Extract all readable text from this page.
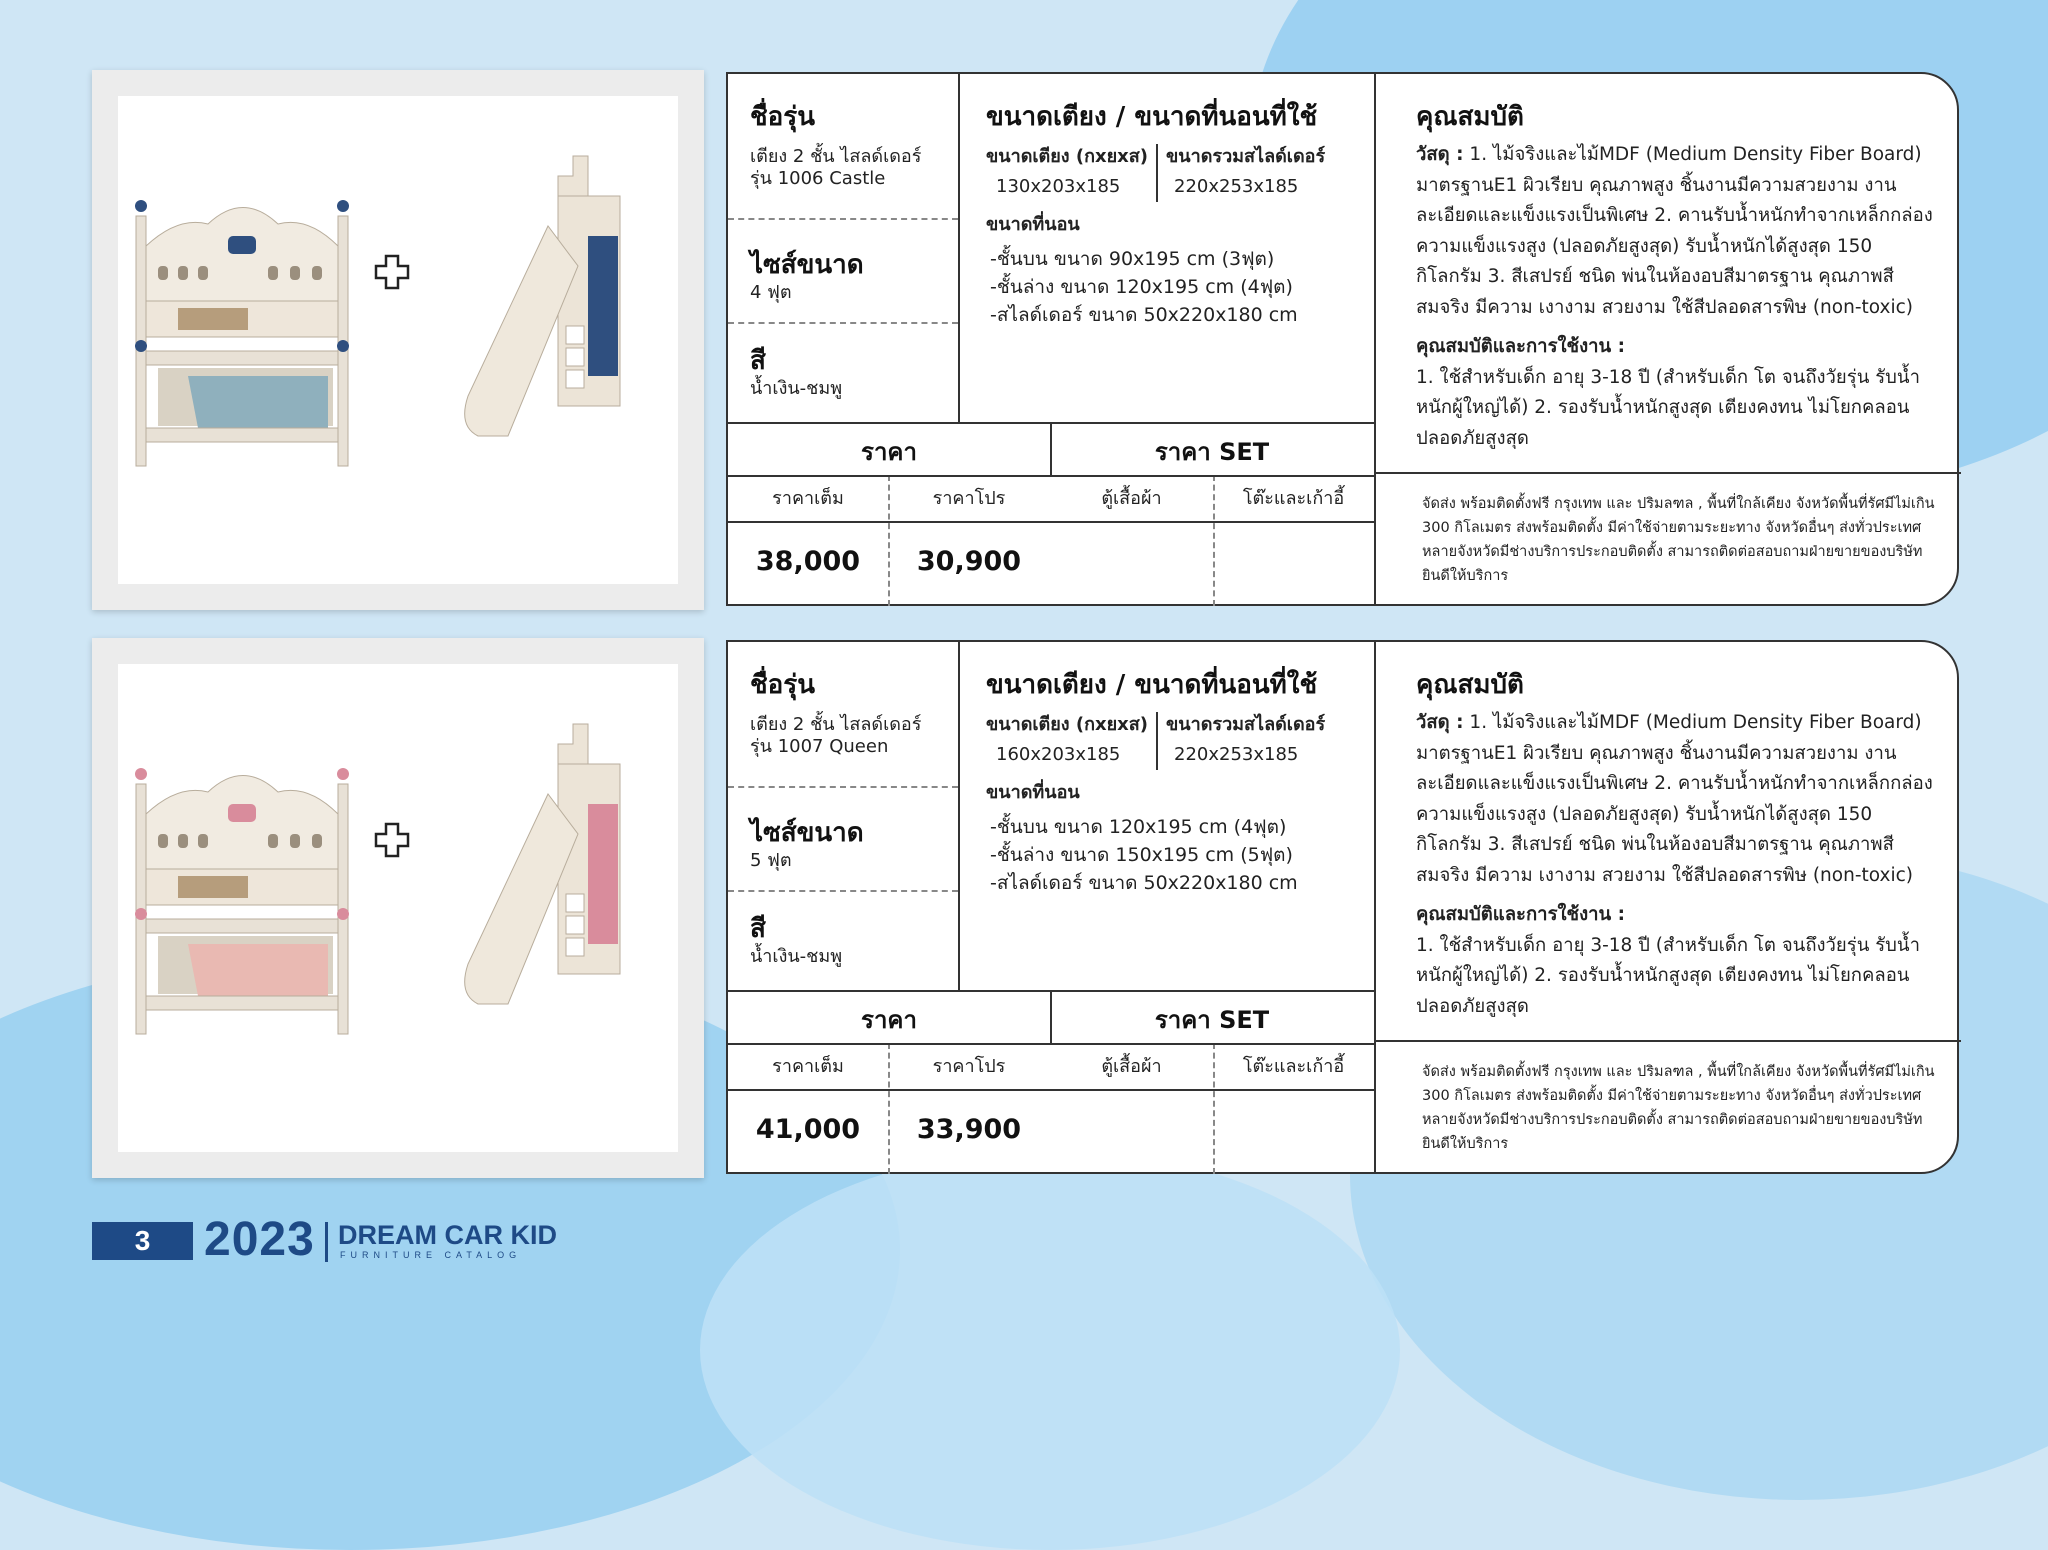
ชื่อรุ่น
เตียง 2 ชั้น ไสลด์เดอร์
รุ่น 1006 Castle
ไซส์ขนาด
4 ฟุต
สี
น้ำเงิน-ชมพู
ขนาดเตียง / ขนาดที่นอนที่ใช้
ขนาดเตียง (กxยxส)
130x203x185
ขนาดรวมสไลด์เดอร์
220x253x185
ขนาดที่นอน
-ชั้นบน ขนาด 90x195 cm (3ฟุต)
-ชั้นล่าง ขนาด 120x195 cm (4ฟุต)
-สไลด์เดอร์ ขนาด 50x220x180 cm
ราคา	ราคา SET
ราคาเต็ม	ราคาโปร	ตู้เสื้อผ้า	โต๊ะและเก้าอี้
38,000	30,900
คุณสมบัติ
วัสดุ : 1. ไม้จริงและไม้MDF (Medium Density Fiber Board) มาตรฐานE1 ผิวเรียบ คุณภาพสูง ชิ้นงานมีความสวยงาม งานละเอียดและแข็งแรงเป็นพิเศษ 2. คานรับน้ำหนักทำจากเหล็กกล่อง ความแข็งแรงสูง (ปลอดภัยสูงสุด) รับน้ำหนักได้สูงสุด 150 กิโลกรัม 3. สีเสปรย์ ชนิด พ่นในห้องอบสีมาตรฐาน คุณภาพสีสมจริง มีความ เงางาม สวยงาม ใช้สีปลอดสารพิษ (non-toxic)
คุณสมบัติและการใช้งาน :
1. ใช้สำหรับเด็ก อายุ 3-18 ปี (สำหรับเด็ก โต จนถึงวัยรุ่น รับน้ำหนักผู้ใหญ่ได้) 2. รองรับน้ำหนักสูงสุด เตียงคงทน ไม่โยกคลอน ปลอดภัยสูงสุด
จัดส่ง พร้อมติดตั้งฟรี กรุงเทพ และ ปริมลฑล , พื้นที่ใกล้เคียง จังหวัดพื้นที่รัศมีไม่เกิน 300 กิโลเมตร ส่งพร้อมติดตั้ง มีค่าใช้จ่ายตามระยะทาง จังหวัดอื่นๆ ส่งทั่วประเทศ หลายจังหวัดมีช่างบริการประกอบติดตั้ง สามารถติดต่อสอบถามฝ่ายขายของบริษัทยินดีให้บริการ
ชื่อรุ่น
เตียง 2 ชั้น ไสลด์เดอร์
รุ่น 1007 Queen
ไซส์ขนาด
5 ฟุต
สี
น้ำเงิน-ชมพู
ขนาดเตียง / ขนาดที่นอนที่ใช้
ขนาดเตียง (กxยxส)
160x203x185
ขนาดรวมสไลด์เดอร์
220x253x185
ขนาดที่นอน
-ชั้นบน ขนาด 120x195 cm (4ฟุต)
-ชั้นล่าง ขนาด 150x195 cm (5ฟุต)
-สไลด์เดอร์ ขนาด 50x220x180 cm
ราคา	ราคา SET
ราคาเต็ม	ราคาโปร	ตู้เสื้อผ้า	โต๊ะและเก้าอี้
41,000	33,900
คุณสมบัติ
วัสดุ : 1. ไม้จริงและไม้MDF (Medium Density Fiber Board) มาตรฐานE1 ผิวเรียบ คุณภาพสูง ชิ้นงานมีความสวยงาม งานละเอียดและแข็งแรงเป็นพิเศษ 2. คานรับน้ำหนักทำจากเหล็กกล่อง ความแข็งแรงสูง (ปลอดภัยสูงสุด) รับน้ำหนักได้สูงสุด 150 กิโลกรัม 3. สีเสปรย์ ชนิด พ่นในห้องอบสีมาตรฐาน คุณภาพสีสมจริง มีความ เงางาม สวยงาม ใช้สีปลอดสารพิษ (non-toxic)
คุณสมบัติและการใช้งาน :
1. ใช้สำหรับเด็ก อายุ 3-18 ปี (สำหรับเด็ก โต จนถึงวัยรุ่น รับน้ำหนักผู้ใหญ่ได้) 2. รองรับน้ำหนักสูงสุด เตียงคงทน ไม่โยกคลอน ปลอดภัยสูงสุด
จัดส่ง พร้อมติดตั้งฟรี กรุงเทพ และ ปริมลฑล , พื้นที่ใกล้เคียง จังหวัดพื้นที่รัศมีไม่เกิน 300 กิโลเมตร ส่งพร้อมติดตั้ง มีค่าใช้จ่ายตามระยะทาง จังหวัดอื่นๆ ส่งทั่วประเทศ หลายจังหวัดมีช่างบริการประกอบติดตั้ง สามารถติดต่อสอบถามฝ่ายขายของบริษัทยินดีให้บริการ
3	2023 DREAM CAR KID
FURNITURE CATALOG
